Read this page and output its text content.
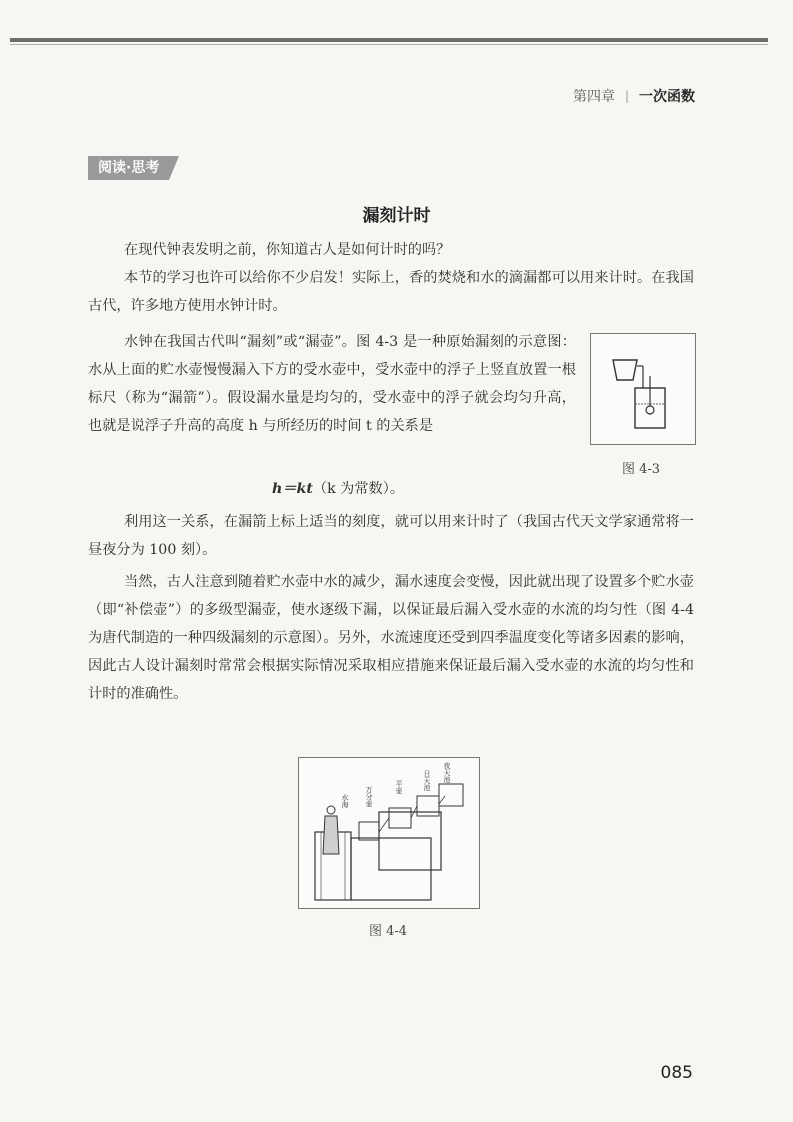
第四章 | 一次函数
阅读·思考
漏刻计时
在现代钟表发明之前，你知道古人是如何计时的吗？
本节的学习也许可以给你不少启发！实际上，香的焚烧和水的滴漏都可以用来计时。在我国古代，许多地方使用水钟计时。
水钟在我国古代叫“漏刻”或“漏壶”。图 4-3 是一种原始漏刻的示意图：水从上面的贮水壶慢慢漏入下方的受水壶中，受水壶中的浮子上竖直放置一根标尺（称为“漏箭”）。假设漏水量是均匀的，受水壶中的浮子就会均匀升高，也就是说浮子升高的高度 h 与所经历的时间 t 的关系是
h＝kt（k 为常数）。
图 4-3
利用这一关系，在漏箭上标上适当的刻度，就可以用来计时了（我国古代天文学家通常将一昼夜分为 100 刻）。
当然，古人注意到随着贮水壶中水的减少，漏水速度会变慢，因此就出现了设置多个贮水壶（即“补偿壶”）的多级型漏壶，使水逐级下漏，以保证最后漏入受水壶的水流的均匀性（图 4-4 为唐代制造的一种四级漏刻的示意图）。另外，水流速度还受到四季温度变化等诸多因素的影响，因此古人设计漏刻时常常会根据实际情况采取相应措施来保证最后漏入受水壶的水流的均匀性和计时的准确性。
夜天池
日天池
平壶
万分壶
水海
图 4-4
085
